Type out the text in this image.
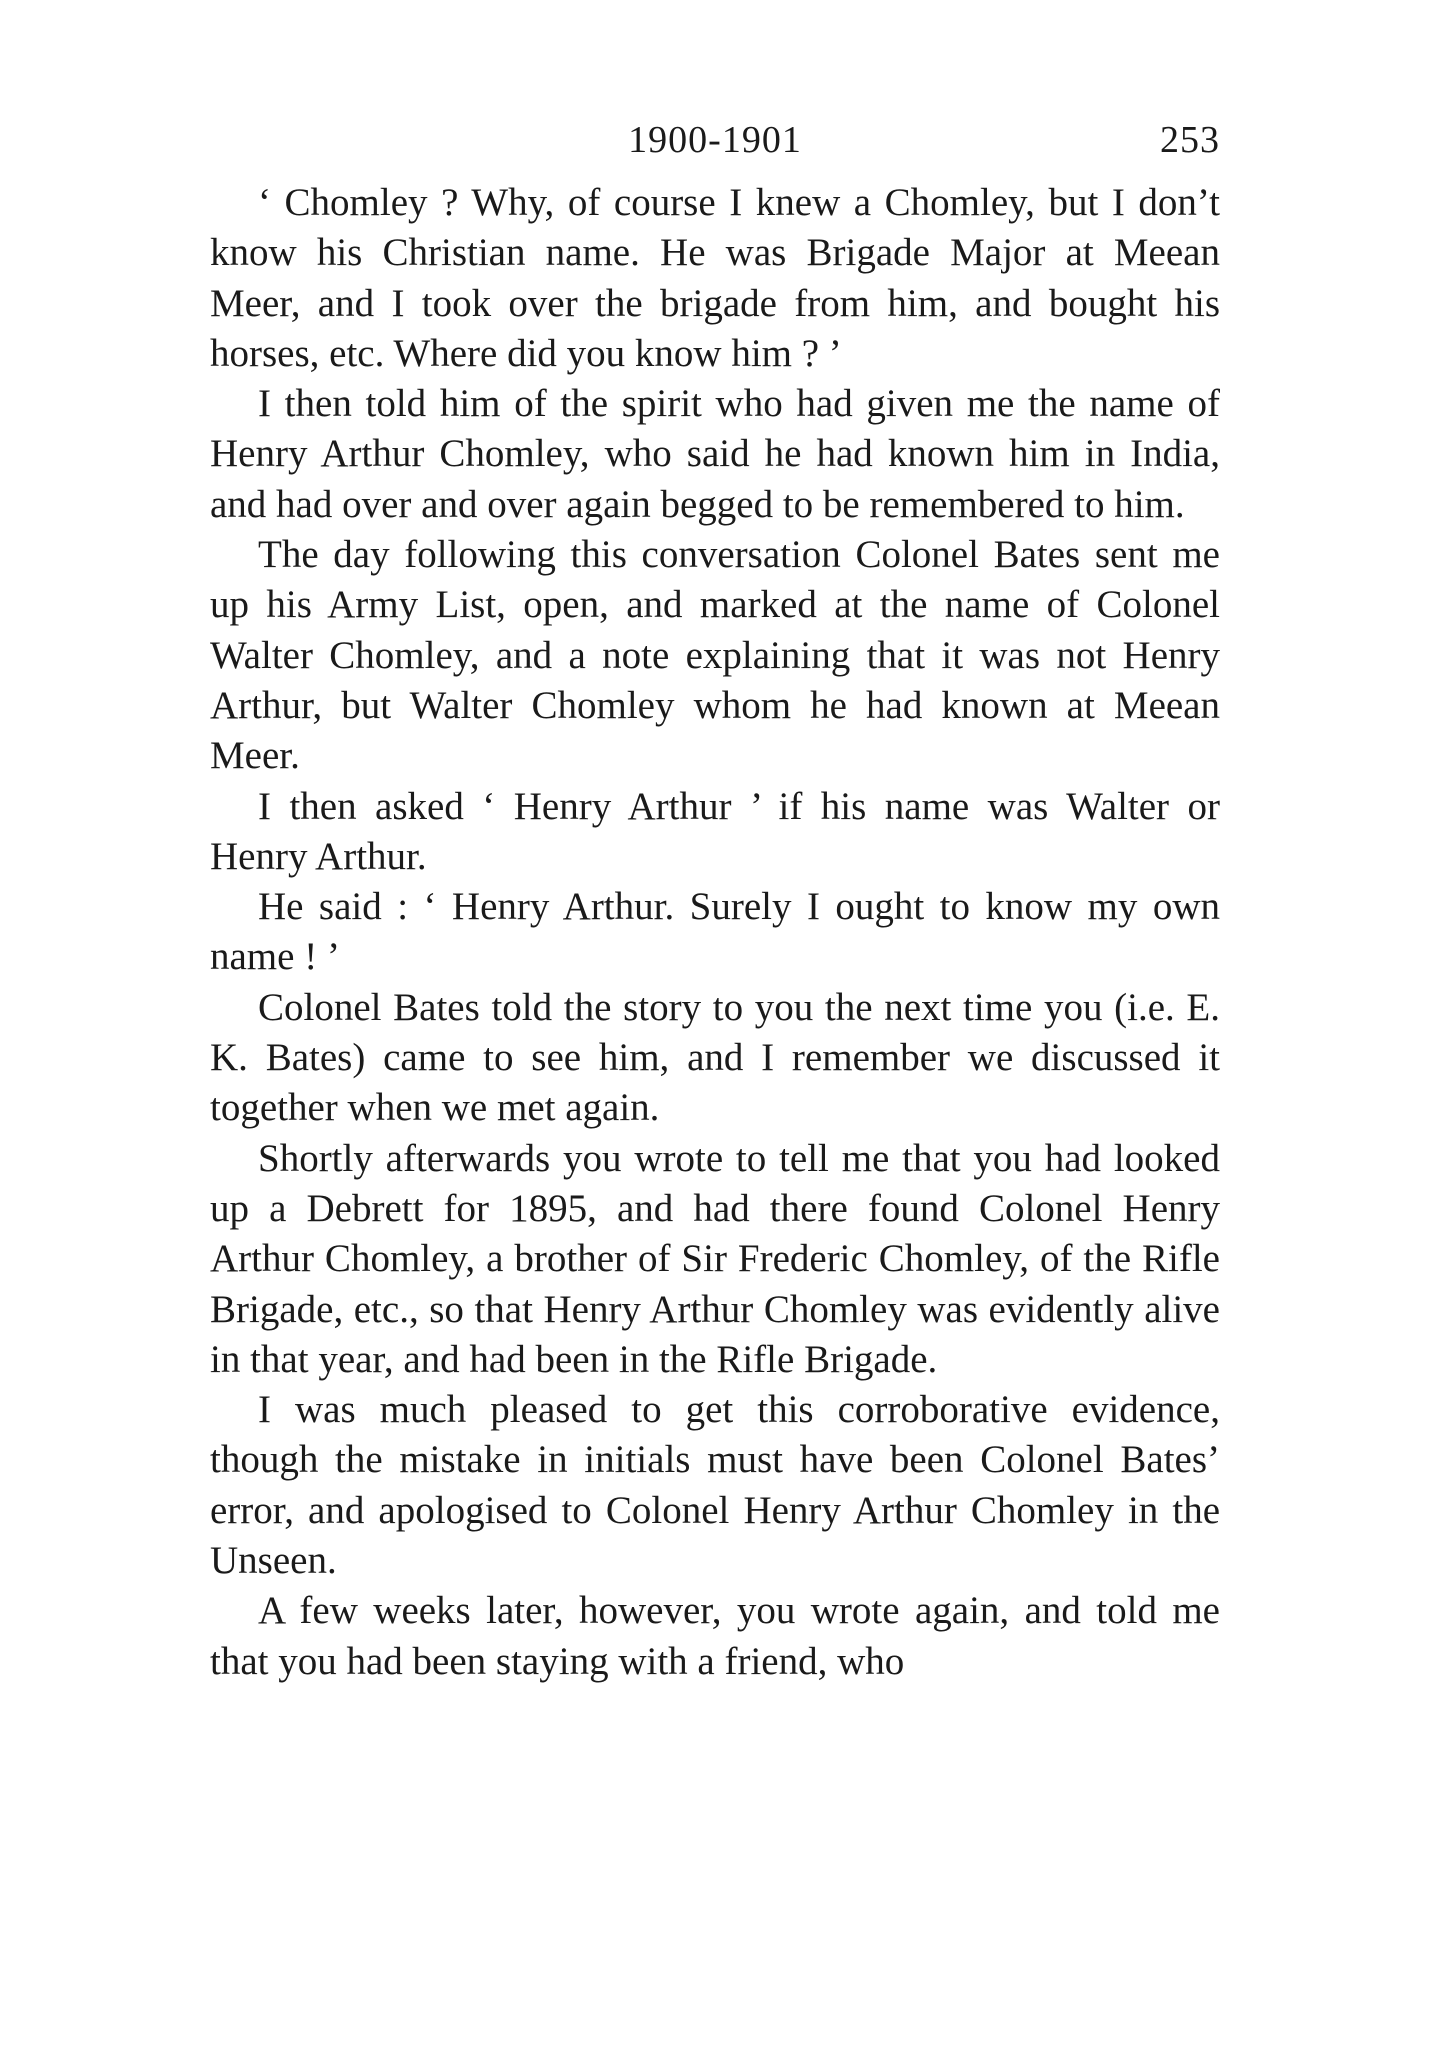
1900-1901	253

‘ Chomley ? Why, of course I knew a Chomley, but I don’t know his Christian name. He was Brigade Major at Meean Meer, and I took over the brigade from him, and bought his horses, etc. Where did you know him ? ’

I then told him of the spirit who had given me the name of Henry Arthur Chomley, who said he had known him in India, and had over and over again begged to be remembered to him.

The day following this conversation Colonel Bates sent me up his Army List, open, and marked at the name of Colonel Walter Chomley, and a note explaining that it was not Henry Arthur, but Walter Chomley whom he had known at Meean Meer.

I then asked ‘ Henry Arthur ’ if his name was Walter or Henry Arthur.

He said : ‘ Henry Arthur. Surely I ought to know my own name ! ’

Colonel Bates told the story to you the next time you (i.e. E. K. Bates) came to see him, and I remember we discussed it together when we met again.

Shortly afterwards you wrote to tell me that you had looked up a Debrett for 1895, and had there found Colonel Henry Arthur Chomley, a brother of Sir Frederic Chomley, of the Rifle Brigade, etc., so that Henry Arthur Chomley was evidently alive in that year, and had been in the Rifle Brigade.

I was much pleased to get this corroborative evidence, though the mistake in initials must have been Colonel Bates’ error, and apologised to Colonel Henry Arthur Chomley in the Unseen.

A few weeks later, however, you wrote again, and told me that you had been staying with a friend, who
